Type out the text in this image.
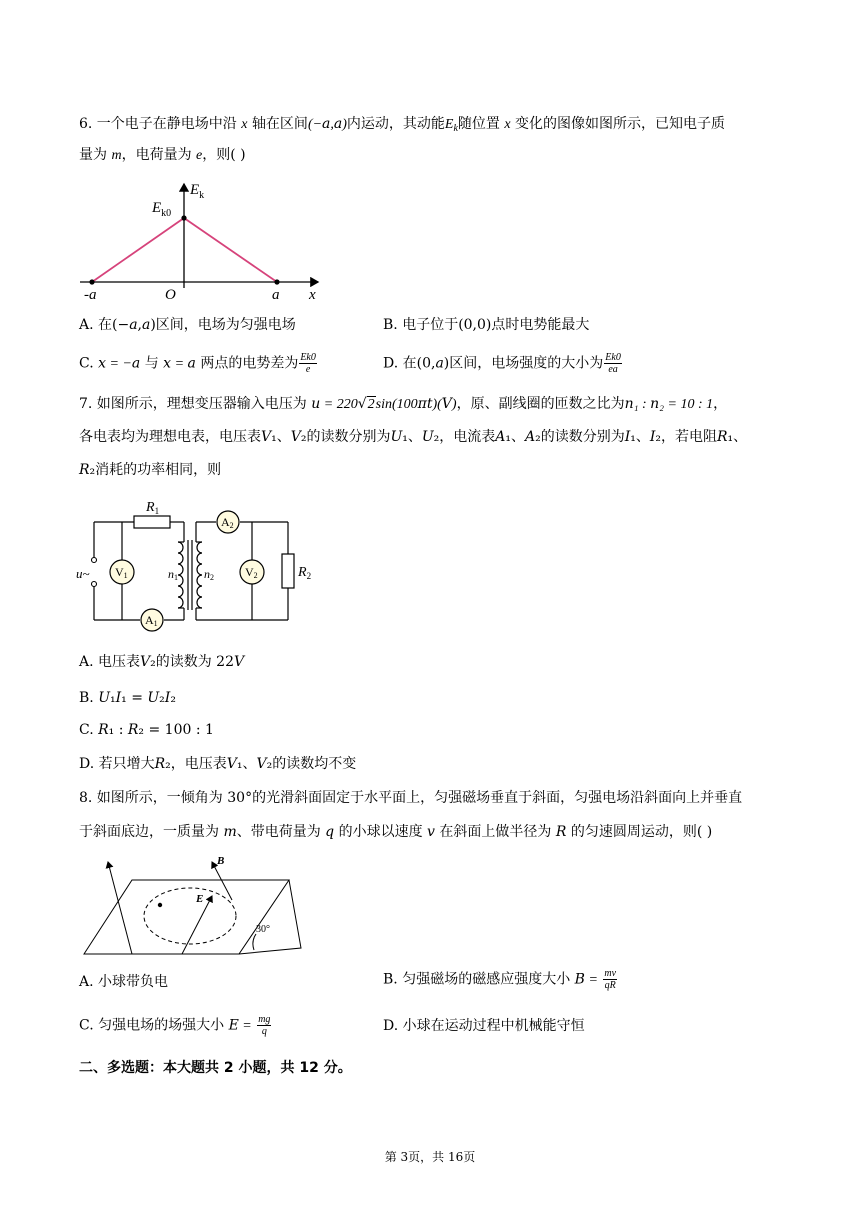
6. 一个电子在静电场中沿 x 轴在区间(−𝑎,𝑎)内运动，其动能$E_k$随位置 x 变化的图像如图所示，已知电子质
量为 m，电荷量为 e，则( )
$E_k$
$E_{k0}$
-a	O	a x
A. 在(−𝑎,𝑎)区间，电场为匀强电场	B. 电子位于(0,0)点时电势能最大
C. 𝑥 = −𝑎 与 𝑥 = 𝑎 两点的电势差为 $\frac{Ek0}{e}$	D. 在(0,𝑎)区间，电场强度的大小为 $\frac{Ek0}{ea}$
7. 如图所示，理想变压器输入电压为 𝑢 = 220√2sin(100𝜋𝑡)(𝑉)，原、副线圈的匝数之比为𝑛₁ : 𝑛₂ = 10 : 1，
各电表均为理想电表，电压表𝑉₁、𝑉₂的读数分别为𝑈₁、𝑈₂，电流表𝐴₁、𝐴₂的读数分别为𝐼₁、𝐼₂，若电阻𝑅₁、
𝑅₂消耗的功率相同，则
$R_1$
A2
V1	V2	$R_2$
n1 n2
u~
A1
A. 电压表𝑉₂的读数为 22𝑉
B. 𝑈₁𝐼₁ = 𝑈₂𝐼₂
C. 𝑅₁ : 𝑅₂ = 100 : 1
D. 若只增大𝑅₂，电压表𝑉₁、𝑉₂的读数均不变
8. 如图所示，一倾角为 30°的光滑斜面固定于水平面上，匀强磁场垂直于斜面，匀强电场沿斜面向上并垂直
于斜面底边，一质量为 𝑚、带电荷量为 𝑞 的小球以速度 𝑣 在斜面上做半径为 𝑅 的匀速圆周运动，则( )
B
E
30°
A. 小球带负电	B. 匀强磁场的磁感应强度大小 𝐵 = $\frac{mv}{qR}$
C. 匀强电场的场强大小 𝐸 = $\frac{mg}{q}$	D. 小球在运动过程中机械能守恒
二、多选题：本大题共 2 小题，共 12 分。
第 3页，共 16页
